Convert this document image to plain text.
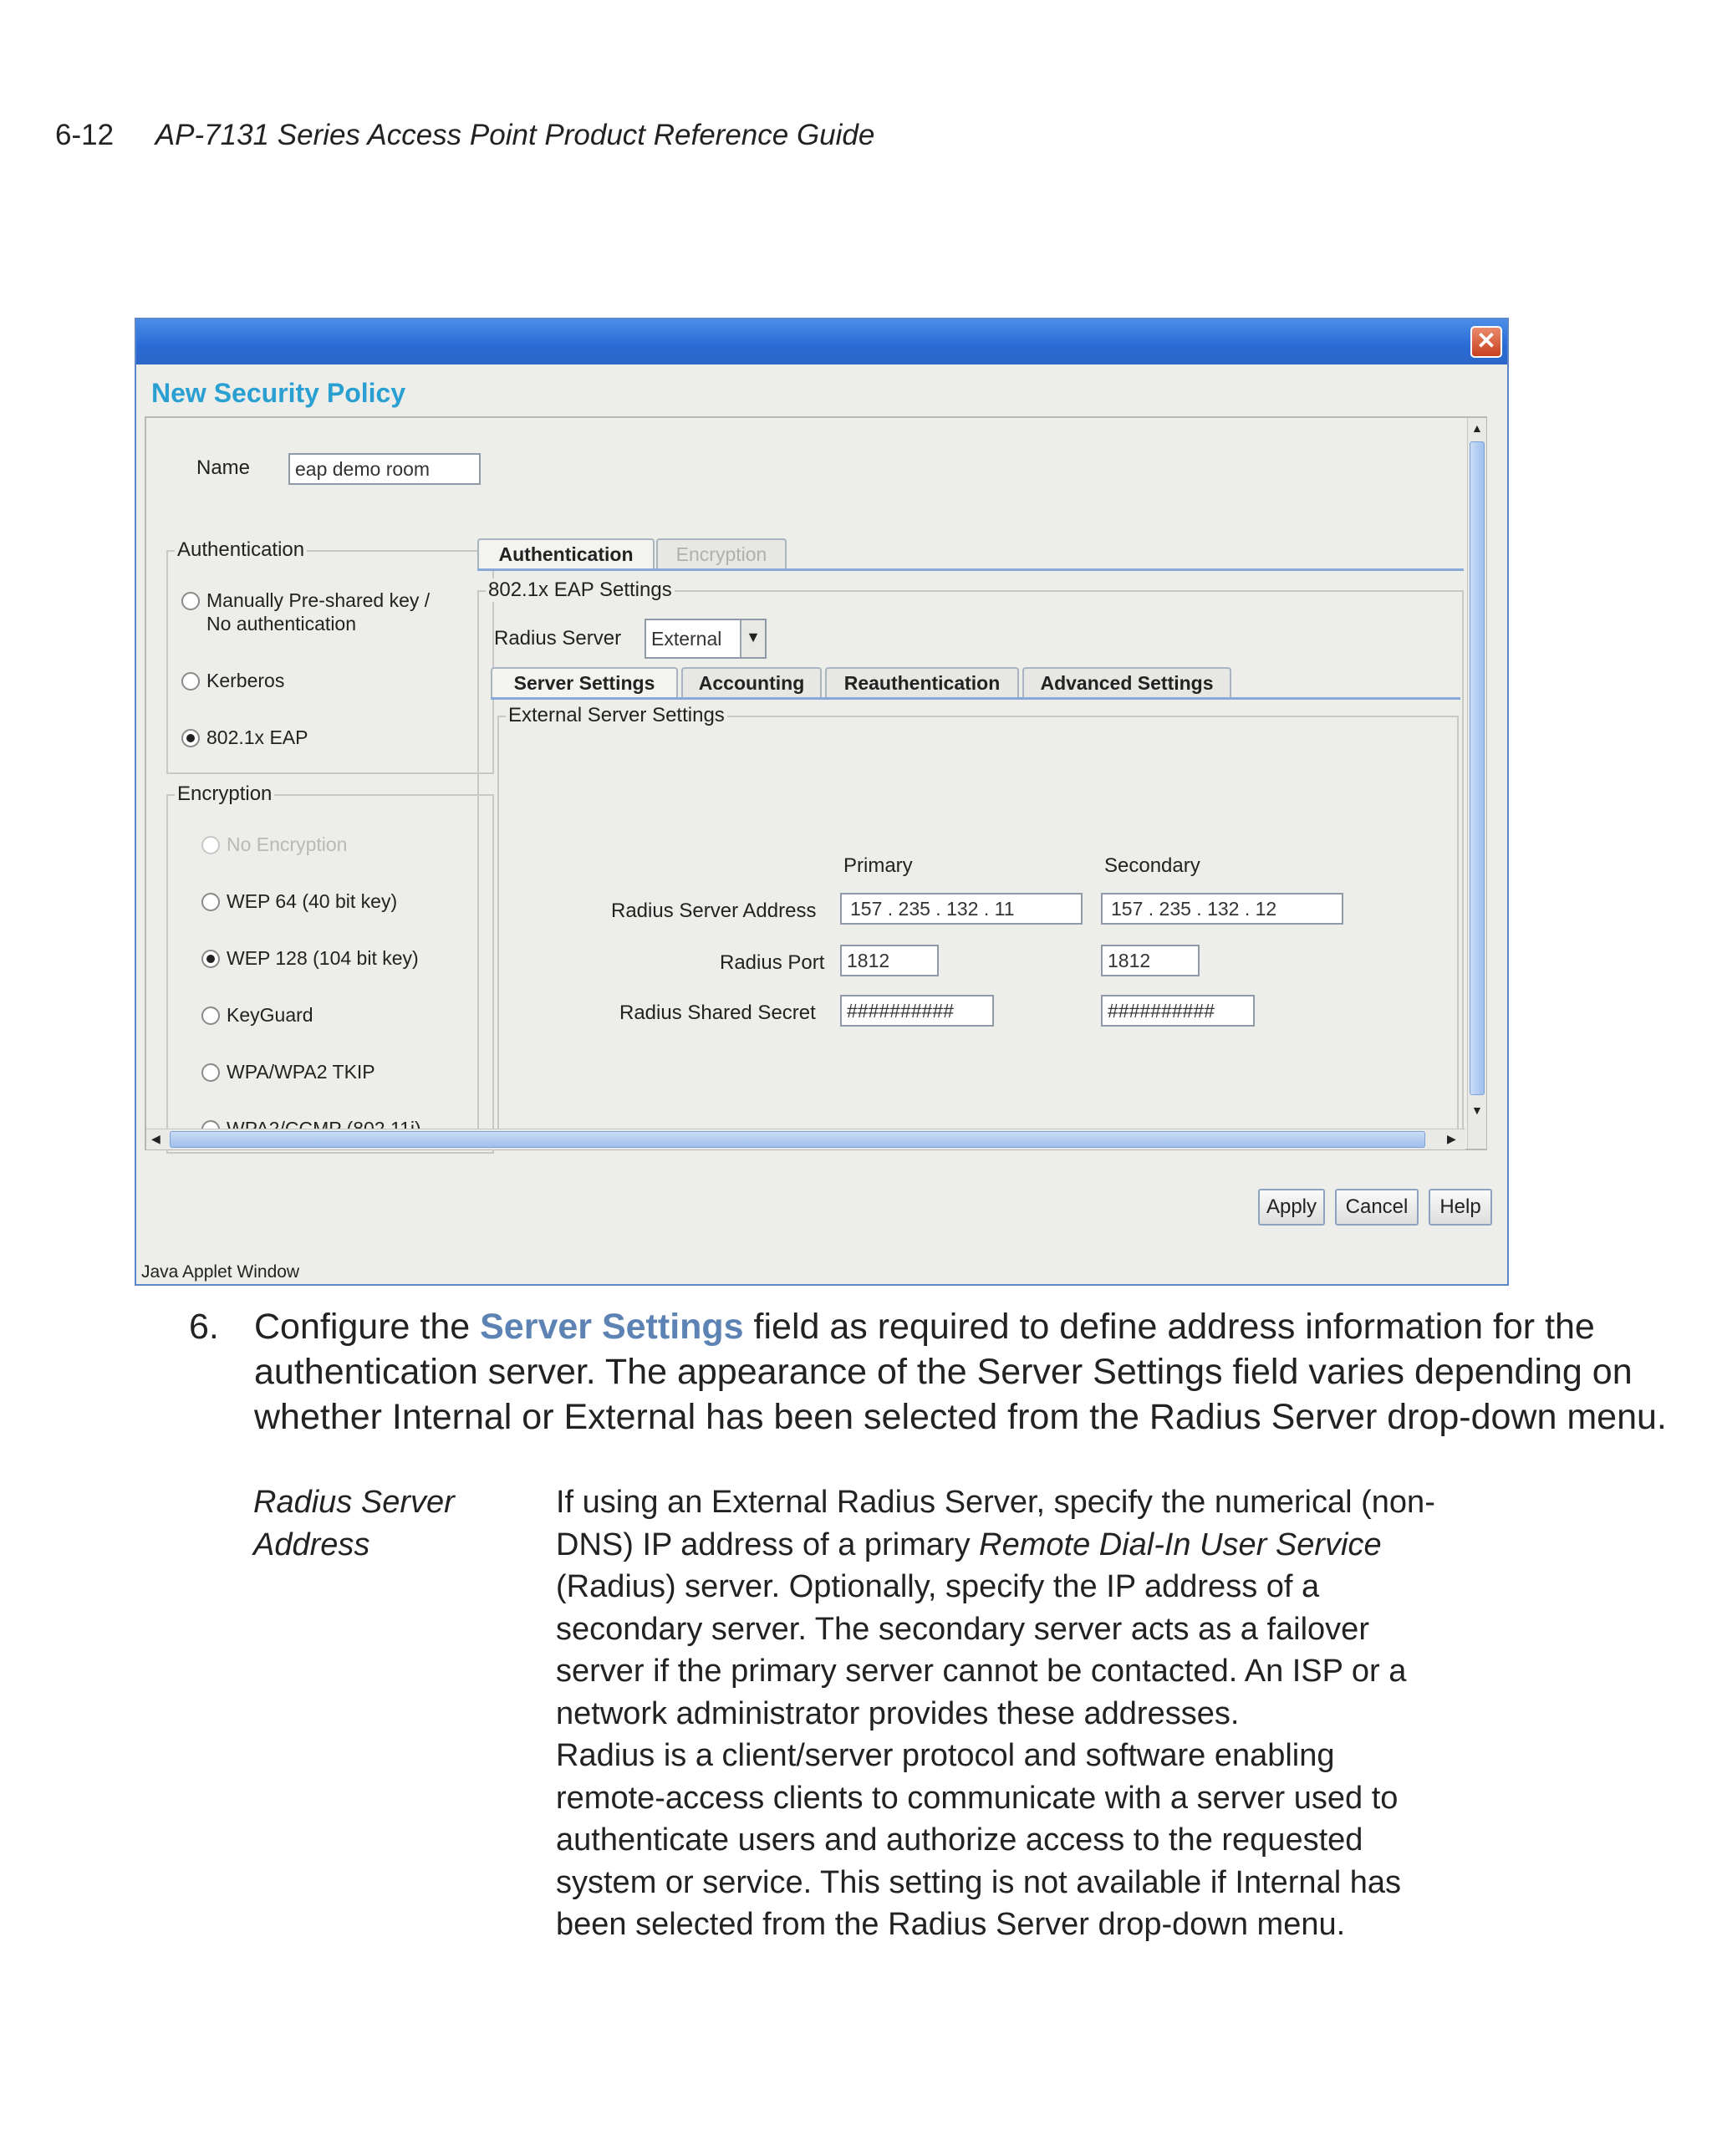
6-12 AP-7131 Series Access Point Product Reference Guide
✕
New Security Policy
Name	eap demo room
Authentication
Manually Pre-shared key /
No authentication
Kerberos
802.1x EAP
Encryption
No Encryption
WEP 64 (40 bit key)
WEP 128 (104 bit key)
KeyGuard
WPA/WPA2 TKIP
Authentication	Encryption
802.1x EAP Settings
Radius Server	External	▼
Server Settings	Accounting	Reauthentication	Advanced Settings
External Server Settings
Primary	Secondary
Radius Server Address	157 . 235 . 132 . 11	157 . 235 . 132 . 12
Radius Port	1812	1812
Radius Shared Secret	##########	##########
▲
▼
◀	▶
Apply	Cancel	Help
Java Applet Window
6. Configure the Server Settings field as required to define address information for the authentication server. The appearance of the Server Settings field varies depending on whether Internal or External has been selected from the Radius Server drop-down menu.
Radius Server Address

If using an External Radius Server, specify the numerical (non-DNS) IP address of a primary Remote Dial-In User Service (Radius) server. Optionally, specify the IP address of a secondary server. The secondary server acts as a failover server if the primary server cannot be contacted. An ISP or a network administrator provides these addresses.

Radius is a client/server protocol and software enabling remote-access clients to communicate with a server used to authenticate users and authorize access to the requested system or service. This setting is not available if Internal has been selected from the Radius Server drop-down menu.
